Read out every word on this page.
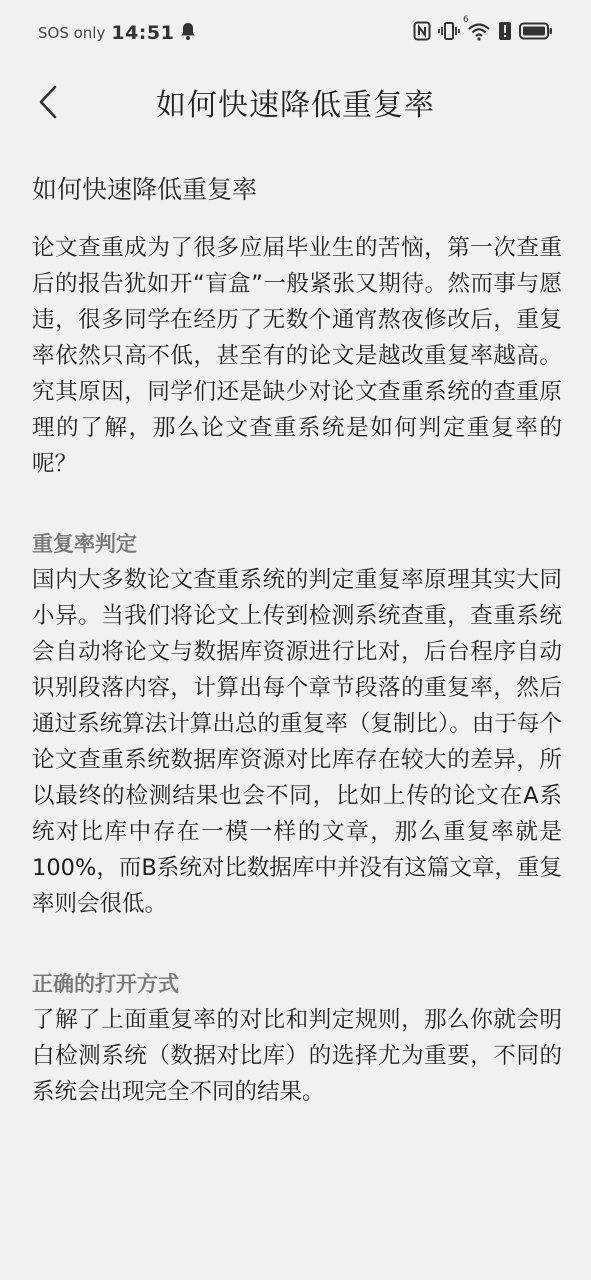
SOS only 14:51
6
如何快速降低重复率
如何快速降低重复率

论文查重成为了很多应届毕业生的苦恼，第一次查重后的报告犹如开“盲盒”一般紧张又期待。然而事与愿违，很多同学在经历了无数个通宵熬夜修改后，重复率依然只高不低，甚至有的论文是越改重复率越高。究其原因，同学们还是缺少对论文查重系统的查重原理的了解，那么论文查重系统是如何判定重复率的呢？

重复率判定

国内大多数论文查重系统的判定重复率原理其实大同小异。当我们将论文上传到检测系统查重，查重系统会自动将论文与数据库资源进行比对，后台程序自动识别段落内容，计算出每个章节段落的重复率，然后通过系统算法计算出总的重复率（复制比）。由于每个论文查重系统数据库资源对比库存在较大的差异，所以最终的检测结果也会不同，比如上传的论文在A系统对比库中存在一模一样的文章，那么重复率就是100%，而B系统对比数据库中并没有这篇文章，重复率则会很低。

正确的打开方式

了解了上面重复率的对比和判定规则，那么你就会明白检测系统（数据对比库）的选择尤为重要，不同的系统会出现完全不同的结果。
